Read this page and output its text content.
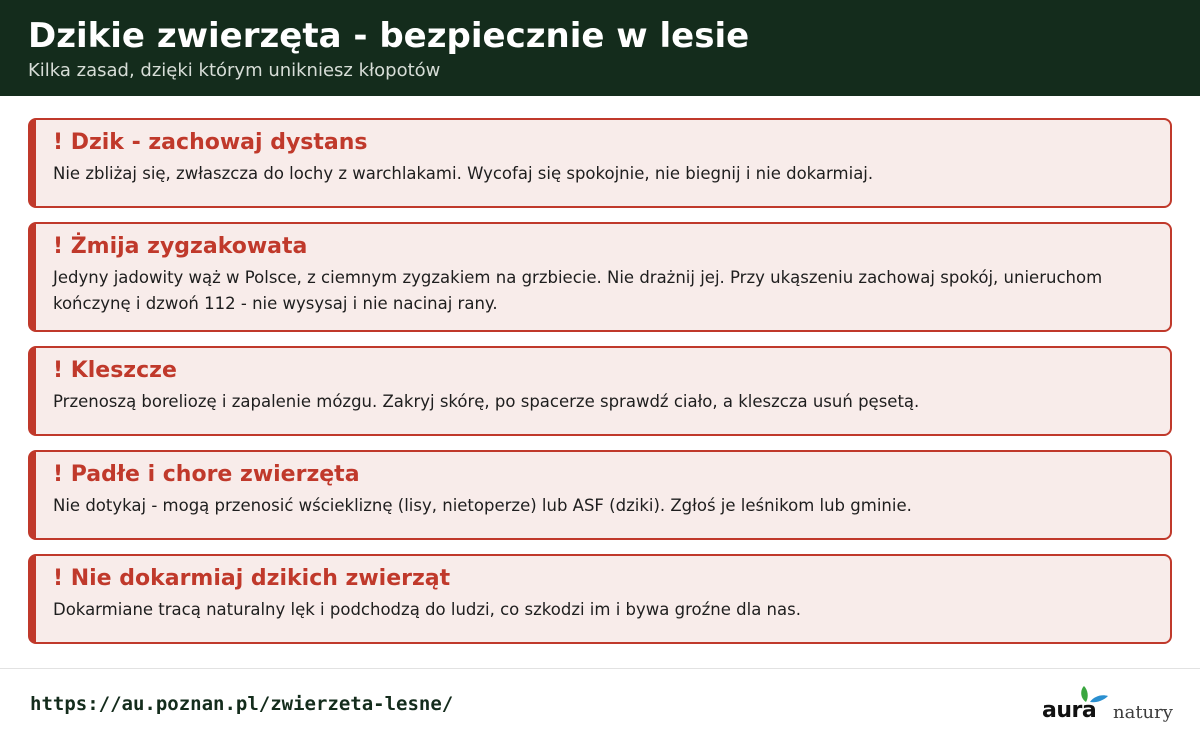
Dzikie zwierzęta - bezpiecznie w lesie
Kilka zasad, dzięki którym unikniesz kłopotów
! Dzik - zachowaj dystans
Nie zbliżaj się, zwłaszcza do lochy z warchlakami. Wycofaj się spokojnie, nie biegnij i nie dokarmiaj.
! Żmija zygzakowata
Jedyny jadowity wąż w Polsce, z ciemnym zygzakiem na grzbiecie. Nie drażnij jej. Przy ukąszeniu zachowaj spokój, unieruchom kończynę i dzwoń 112 - nie wysysaj i nie nacinaj rany.
! Kleszcze
Przenoszą boreliozę i zapalenie mózgu. Zakryj skórę, po spacerze sprawdź ciało, a kleszcza usuń pęsetą.
! Padłe i chore zwierzęta
Nie dotykaj - mogą przenosić wściekliznę (lisy, nietoperze) lub ASF (dziki). Zgłoś je leśnikom lub gminie.
! Nie dokarmiaj dzikich zwierząt
Dokarmiane tracą naturalny lęk i podchodzą do ludzi, co szkodzi im i bywa groźne dla nas.
https://au.poznan.pl/zwierzeta-lesne/	aura natury
